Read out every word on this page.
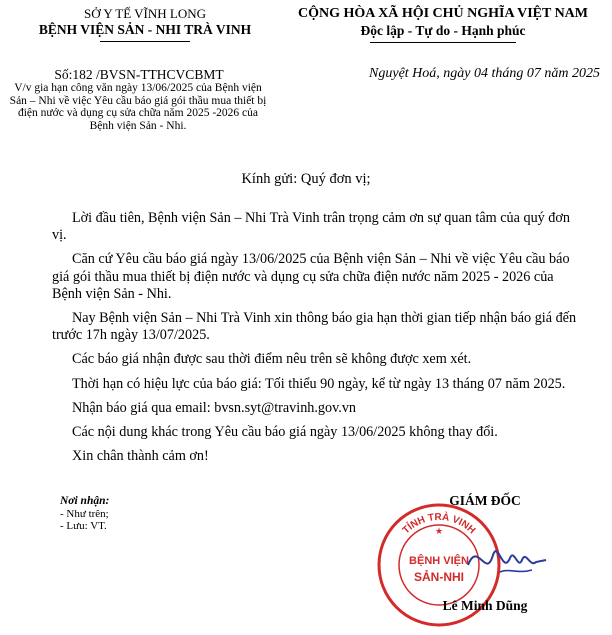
SỞ Y TẾ VĨNH LONG
BỆNH VIỆN SẢN - NHI TRÀ VINH
CỘNG HÒA XÃ HỘI CHỦ NGHĨA VIỆT NAM
Độc lập - Tự do - Hạnh phúc
Số:182 /BVSN-TTHCVCBMT
V/v gia hạn công văn ngày 13/06/2025 của Bệnh viện Sản – Nhi về việc Yêu cầu báo giá gói thầu mua thiết bị điện nước và dụng cụ sửa chữa năm 2025 -2026 của Bệnh viện Sản - Nhi.
Nguyệt Hoá, ngày 04 tháng 07 năm 2025
Kính gửi: Quý đơn vị;

Lời đầu tiên, Bệnh viện Sản – Nhi Trà Vinh trân trọng cảm ơn sự quan tâm của quý đơn vị.

Căn cứ Yêu cầu báo giá ngày 13/06/2025 của Bệnh viện Sản – Nhi về việc Yêu cầu báo giá gói thầu mua thiết bị điện nước và dụng cụ sửa chữa điện nước năm 2025 - 2026 của Bệnh viện Sản - Nhi.

Nay Bệnh viện Sản – Nhi Trà Vinh xin thông báo gia hạn thời gian tiếp nhận báo giá đến trước 17h ngày 13/07/2025.

Các báo giá nhận được sau thời điểm nêu trên sẽ không được xem xét.

Thời hạn có hiệu lực của báo giá: Tối thiểu 90 ngày, kể từ ngày 13 tháng 07 năm 2025.

Nhận báo giá qua email: bvsn.syt@travinh.gov.vn

Các nội dung khác trong Yêu cầu báo giá ngày 13/06/2025 không thay đổi.

Xin chân thành cảm ơn!

Nơi nhận:
- Như trên;
- Lưu: VT.	TỈNH TRÀ VINH
BỆNH VIỆN
SẢN-NHI
★
GIÁM ĐỐC
Lê Minh Dũng
